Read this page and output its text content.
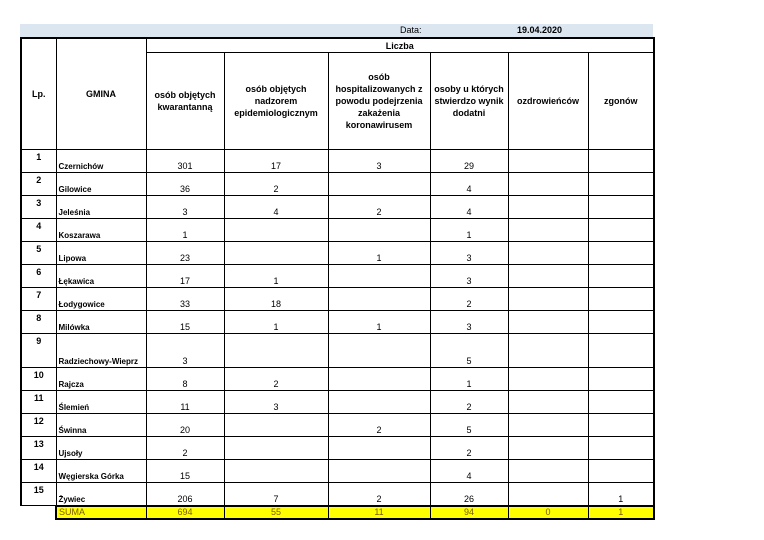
Data:	19.04.2020
Lp.	GMINA	Liczba					
		osób objętych kwarantanną	osób objętych nadzorem epidemiologicznym	osób hospitalizowanych z powodu podejrzenia zakażenia koronawirusem	osoby u których stwierdzo wynik dodatni	ozdrowieńców	zgonów
1	Czernichów	301	17	3	29		
2	Gilowice	36	2		4		
3	Jeleśnia	3	4	2	4		
4	Koszarawa	1			1		
5	Lipowa	23		1	3		
6	Łękawica	17	1		3		
7	Łodygowice	33	18		2		
8	Milówka	15	1	1	3		
9	Radziechowy-Wieprz	3			5		
10	Rajcza	8	2		1		
11	Ślemień	11	3		2		
12	Świnna	20		2	5		
13	Ujsoły	2			2		
14	Węgierska Górka	15			4		
15	Żywiec	206	7	2	26		1
	SUMA	694	55	11	94	0	1
